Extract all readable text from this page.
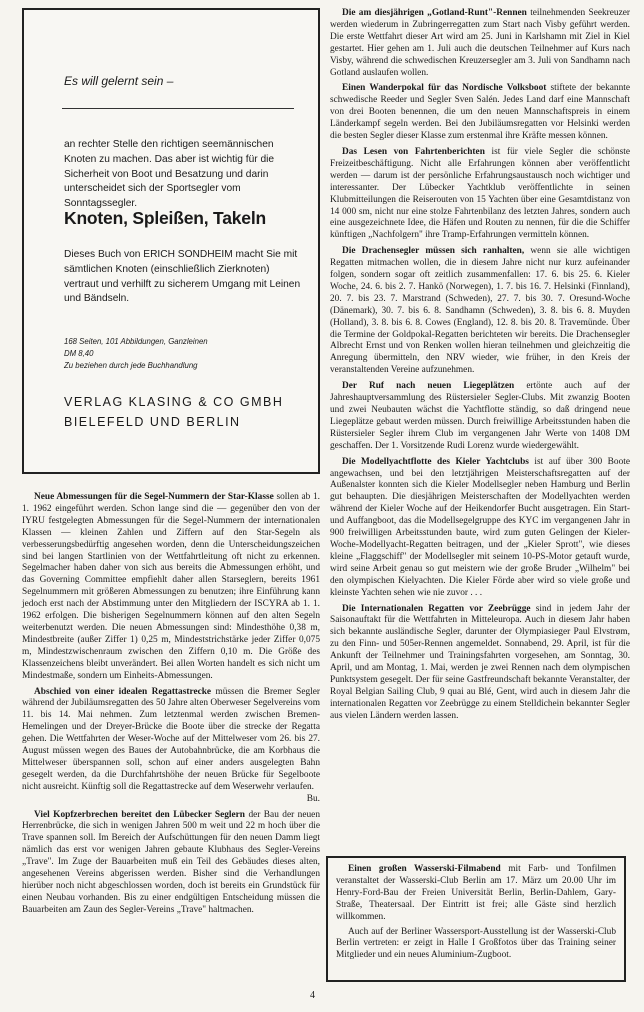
Es will gelernt sein –
an rechter Stelle den richtigen seemännischen Knoten zu machen. Das aber ist wichtig für die Sicherheit von Boot und Besatzung und darin unterscheidet sich der Sportsegler vom Sonntagssegler.
Knoten, Spleißen, Takeln
Dieses Buch von ERICH SONDHEIM macht Sie mit sämtlichen Knoten (einschließlich Zierknoten) vertraut und verhilft zu sicherem Umgang mit Leinen und Bändseln.
168 Seiten, 101 Abbildungen, Ganzleinen
DM 8,40
Zu beziehen durch jede Buchhandlung
VERLAG KLASING & CO GMBH
BIELEFELD UND BERLIN

Neue Abmessungen für die Segel-Nummern der Star-Klasse sollen ab 1. 1. 1962 eingeführt werden. Schon lange sind die — gegenüber den von der IYRU festgelegten Abmessungen für die Segel-Nummern der internationalen Klassen — kleinen Zahlen und Ziffern auf den Star-Segeln als verbesserungsbedürftig angesehen worden, denn die Unterscheidungszeichen sind bei langen Startlinien von der Wettfahrtleitung oft nicht zu erkennen. Segelmacher haben daher von sich aus bereits die Abmessungen erhöht, und das Governing Committee empfiehlt daher allen Starseglern, bereits 1961 Segelnummern mit größeren Abmessungen zu benutzen; ihre Einführung kann jedoch erst nach der Abstimmung unter den Mitgliedern der ISCYRA ab 1. 1. 1962 erfolgen. Die bisherigen Segelnummern können auf den alten Segeln weiterbenutzt werden. Die neuen Abmessungen sind: Mindesthöhe 0,38 m, Mindestbreite (außer Ziffer 1) 0,25 m, Mindeststrichstärke jeder Ziffer 0,075 m, Mindestzwischenraum zwischen den Ziffern 0,10 m. Die Größe des Klassenzeichens bleibt unverändert. Bei allen Worten handelt es sich nicht um Mindestmaße, sondern um Einheits-Abmessungen.

Abschied von einer idealen Regattastrecke müssen die Bremer Segler während der Jubiläumsregatten des 50 Jahre alten Oberweser Segelvereins vom 11. bis 14. Mai nehmen. Zum letztenmal werden zwischen Bremen-Hemelingen und der Dreyer-Brücke die Boote über die strecke der Regatta gehen. Die Wettfahrten der Weser-Woche auf der Mittelweser vom 26. bis 27. August müssen wegen des Baues der Autobahnbrücke, die am Korbhaus die Mittelweser überspannen soll, schon auf einer anders ausgelegten Bahn gesegelt werden, da die Durchfahrtshöhe der neuen Brücke für Segelboote nicht ausreicht. Künftig soll die Regattastrecke auf dem Weserwehr verlaufen.
Bu.

Viel Kopfzerbrechen bereitet den Lübecker Seglern der Bau der neuen Herrenbrücke, die sich in wenigen Jahren 500 m weit und 22 m hoch über die Trave spannen soll. Im Bereich der Aufschüttungen für den neuen Damm liegt nämlich das erst vor wenigen Jahren gebaute Klubhaus des Segler-Vereins „Trave". Im Zuge der Bauarbeiten muß ein Teil des Gebäudes dieses alten, angesehenen Vereins abgerissen werden. Bisher sind die Verhandlungen hierüber noch nicht abgeschlossen worden, doch ist bereits ein Grundstück für einen Neubau vorhanden. Bis zu einer endgültigen Entscheidung müssen die Bauarbeiten am Zaun des Segler-Vereins „Trave" haltmachen.

Die am diesjährigen „Gotland-Runt"-Rennen teilnehmenden Seekreuzer werden wiederum in Zubringerregatten zum Start nach Visby geführt werden. Die erste Wettfahrt dieser Art wird am 25. Juni in Karlshamn mit Ziel in Kiel gestartet. Hier gehen am 1. Juli auch die deutschen Teilnehmer auf Kurs nach Visby, während die schwedischen Kreuzersegler am 3. Juli von Sandhamn nach Gotland auslaufen wollen.

Einen Wanderpokal für das Nordische Volksboot stiftete der bekannte schwedische Reeder und Segler Sven Salén. Jedes Land darf eine Mannschaft von drei Booten benennen, die um den neuen Mannschaftspreis in einem Länderkampf segeln werden. Bei den Jubiläumsregatten vor Helsinki werden die besten Segler dieser Klasse zum erstenmal ihre Kräfte messen können.

Das Lesen von Fahrtenberichten ist für viele Segler die schönste Freizeitbeschäftigung. Nicht alle Erfahrungen können aber veröffentlicht werden — darum ist der persönliche Erfahrungsaustausch noch wichtiger und interessanter. Der Lübecker Yachtklub veröffentlichte in seinen Klubmitteilungen die Reiserouten von 15 Yachten über eine Gesamtdistanz von 14 000 sm, nicht nur eine stolze Fahrtenbilanz des letzten Jahres, sondern auch eine ausgezeichnete Idee, die Häfen und Routen zu nennen, für die die Schiffer künftigen „Nachfolgern" ihre Tramp-Erfahrungen vermitteln können.

Die Drachensegler müssen sich ranhalten, wenn sie alle wichtigen Regatten mitmachen wollen, die in diesem Jahre nicht nur kurz aufeinander folgen, sondern sogar oft zeitlich zusammenfallen: 17. 6. bis 25. 6. Kieler Woche, 24. 6. bis 2. 7. Hankö (Norwegen), 1. 7. bis 16. 7. Helsinki (Finnland), 20. 7. bis 23. 7. Marstrand (Schweden), 27. 7. bis 30. 7. Oresund-Woche (Dänemark), 30. 7. bis 6. 8. Sandhamn (Schweden), 3. 8. bis 6. 8. Muyden (Holland), 3. 8. bis 6. 8. Cowes (England), 12. 8. bis 20. 8. Travemünde. Über die Termine der Goldpokal-Regatten berichteten wir bereits. Die Drachensegler Albrecht Ernst und von Renken wollen hieran teilnehmen und gleichzeitig die Anregung übermitteln, den NRV wieder, wie früher, in den Kreis der veranstaltenden Vereine aufzunehmen.

Der Ruf nach neuen Liegeplätzen ertönte auch auf der Jahreshauptversammlung des Rüstersieler Segler-Clubs. Mit zwanzig Booten und zwei Neubauten wächst die Yachtflotte ständig, so daß dringend neue Liegeplätze gebaut werden müssen. Durch freiwillige Arbeitsstunden haben die Rüstersieler Segler ihrem Club im vergangenen Jahr Werte von 1408 DM geschaffen. Der 1. Vorsitzende Rudi Lorenz wurde wiedergewählt.

Die Modellyachtflotte des Kieler Yachtclubs ist auf über 300 Boote angewachsen, und bei den letztjährigen Meisterschaftsregatten auf der Außenalster konnten sich die Kieler Modellsegler neben Hamburg und Berlin gut behaupten. Die diesjährigen Meisterschaften der Modellyachten werden während der Kieler Woche auf der Heikendorfer Bucht ausgetragen. Ein Start- und Auffangboot, das die Modellsegelgruppe des KYC im vergangenen Jahr in 900 freiwilligen Arbeitsstunden baute, wird zum guten Gelingen der Kieler-Woche-Modellyacht-Regatten beitragen, und der „Kieler Sprott", wie dieses kleine „Flaggschiff" der Modellsegler mit seinem 10-PS-Motor getauft wurde, wird seine Arbeit genau so gut meistern wie der große Bruder „Wilhelm" bei den olympischen Kielyachten. Die Kieler Förde aber wird so viele große und kleinste Yachten sehen wie nie zuvor . . .

Die Internationalen Regatten vor Zeebrügge sind in jedem Jahr der Saisonauftakt für die Wettfahrten in Mitteleuropa. Auch in diesem Jahr haben sich bekannte ausländische Segler, darunter der Olympiasieger Paul Elvstrøm, zu den Finn- und 505er-Rennen angemeldet. Sonnabend, 29. April, ist für die Ankunft der Teilnehmer und Trainingsfahrten vorgesehen, am Sonntag, 30. April, und am Montag, 1. Mai, werden je zwei Rennen nach dem olympischen Punktsystem gesegelt. Der für seine Gastfreundschaft bekannte Veranstalter, der Royal Belgian Sailing Club, 9 quai au Blé, Gent, wird auch in diesem Jahr die internationalen Regatten vor Zeebrügge zu einem Stelldichein bekannter Segler aus vielen Ländern werden lassen.

Einen großen Wasserski-Filmabend mit Farb- und Tonfilmen veranstaltet der Wasserski-Club Berlin am 17. März um 20.00 Uhr im Henry-Ford-Bau der Freien Universität Berlin, Berlin-Dahlem, Gary-Straße, Theatersaal. Der Eintritt ist frei; alle Gäste sind herzlich willkommen.

Auch auf der Berliner Wassersport-Ausstellung ist der Wasserski-Club Berlin vertreten: er zeigt in Halle I Großfotos über das Training seiner Mitglieder und ein neues Aluminium-Zugboot.

4
